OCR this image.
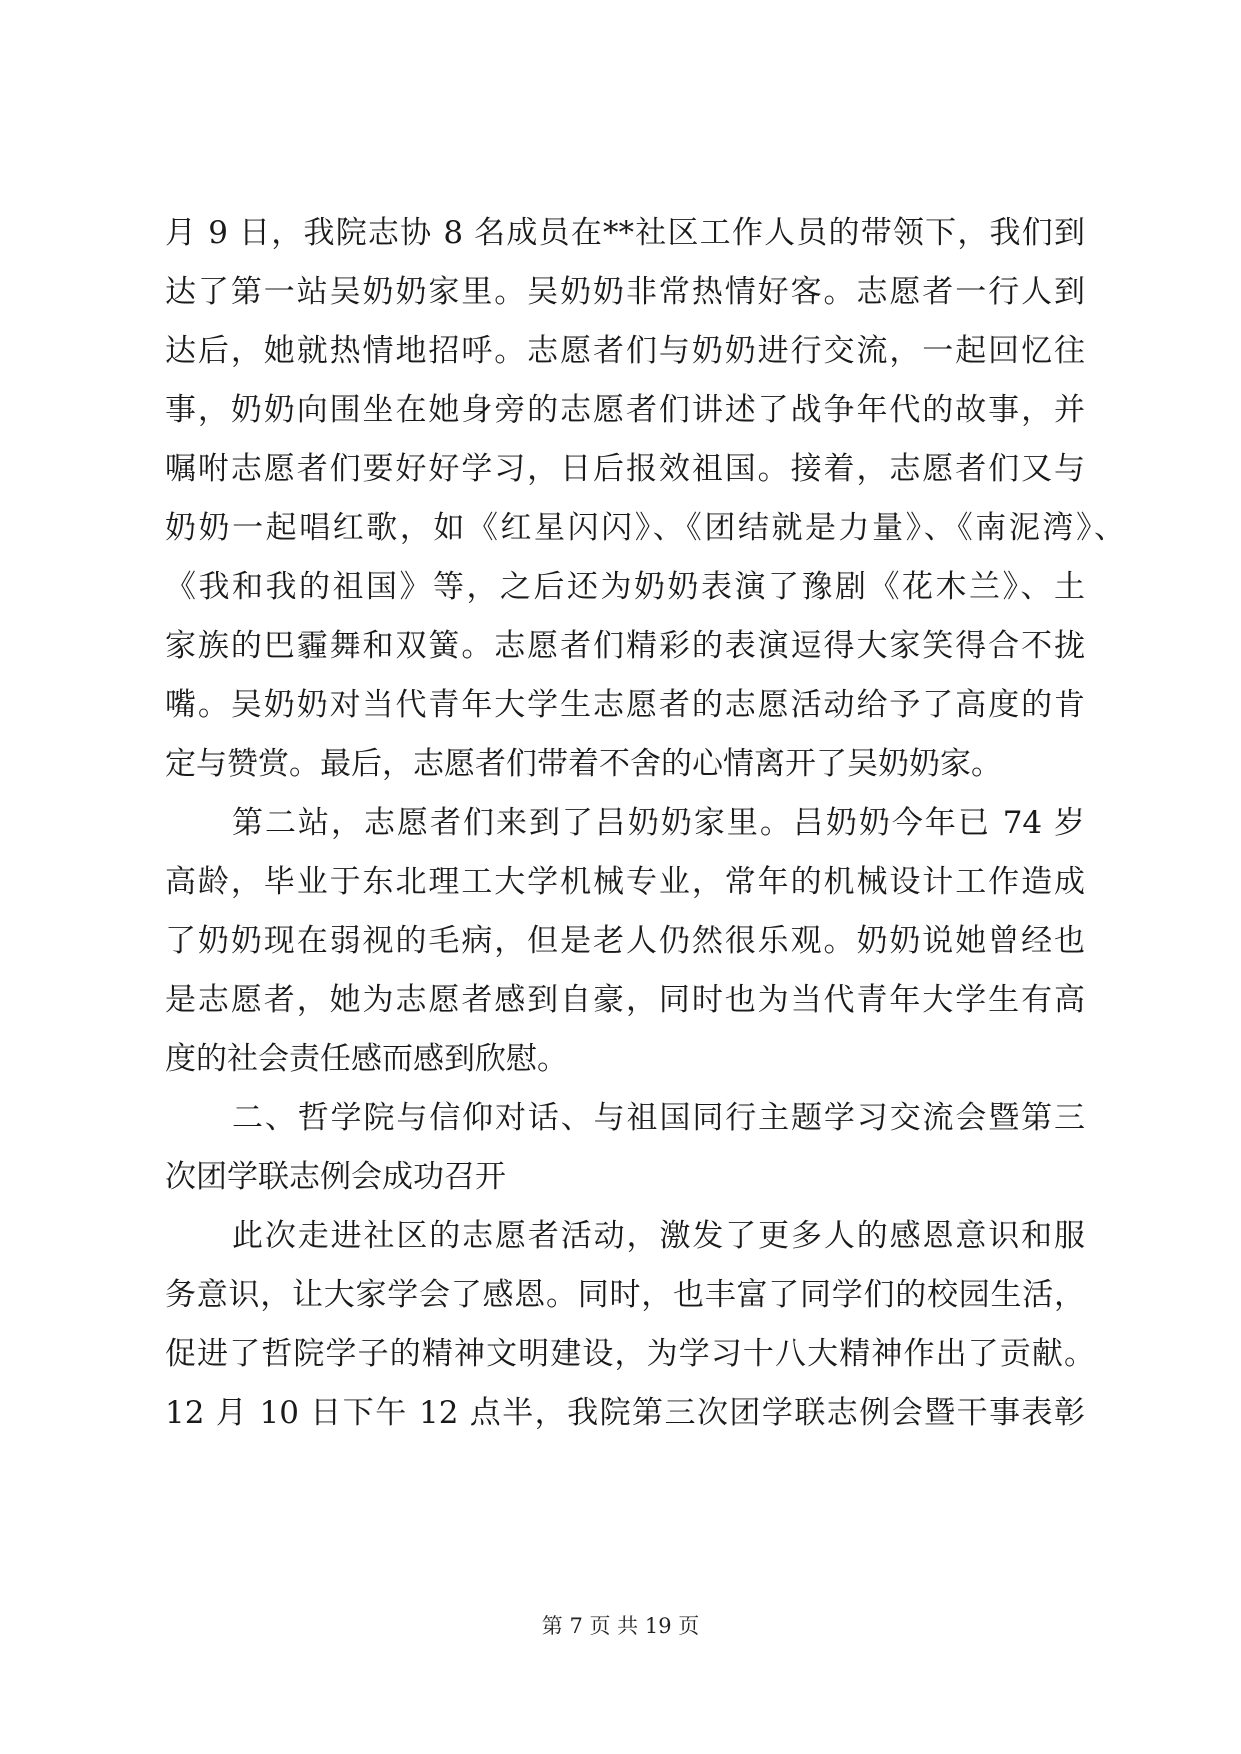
月 9 日，我院志协 8 名成员在**社区工作人员的带领下，我们到
达了第一站吴奶奶家里。吴奶奶非常热情好客。志愿者一行人到
达后，她就热情地招呼。志愿者们与奶奶进行交流，一起回忆往
事，奶奶向围坐在她身旁的志愿者们讲述了战争年代的故事，并
嘱咐志愿者们要好好学习，日后报效祖国。接着，志愿者们又与
奶奶一起唱红歌，如《红星闪闪》、《团结就是力量》、《南泥湾》、
《我和我的祖国》等，之后还为奶奶表演了豫剧《花木兰》、土
家族的巴霾舞和双簧。志愿者们精彩的表演逗得大家笑得合不拢
嘴。吴奶奶对当代青年大学生志愿者的志愿活动给予了高度的肯
定与赞赏。最后，志愿者们带着不舍的心情离开了吴奶奶家。
第二站，志愿者们来到了吕奶奶家里。吕奶奶今年已 74 岁
高龄，毕业于东北理工大学机械专业，常年的机械设计工作造成
了奶奶现在弱视的毛病，但是老人仍然很乐观。奶奶说她曾经也
是志愿者，她为志愿者感到自豪，同时也为当代青年大学生有高
度的社会责任感而感到欣慰。
二、哲学院与信仰对话、与祖国同行主题学习交流会暨第三
次团学联志例会成功召开
此次走进社区的志愿者活动，激发了更多人的感恩意识和服
务意识，让大家学会了感恩。同时，也丰富了同学们的校园生活，
促进了哲院学子的精神文明建设，为学习十八大精神作出了贡献。
12 月 10 日下午 12 点半，我院第三次团学联志例会暨干事表彰
第 7 页 共 19 页
